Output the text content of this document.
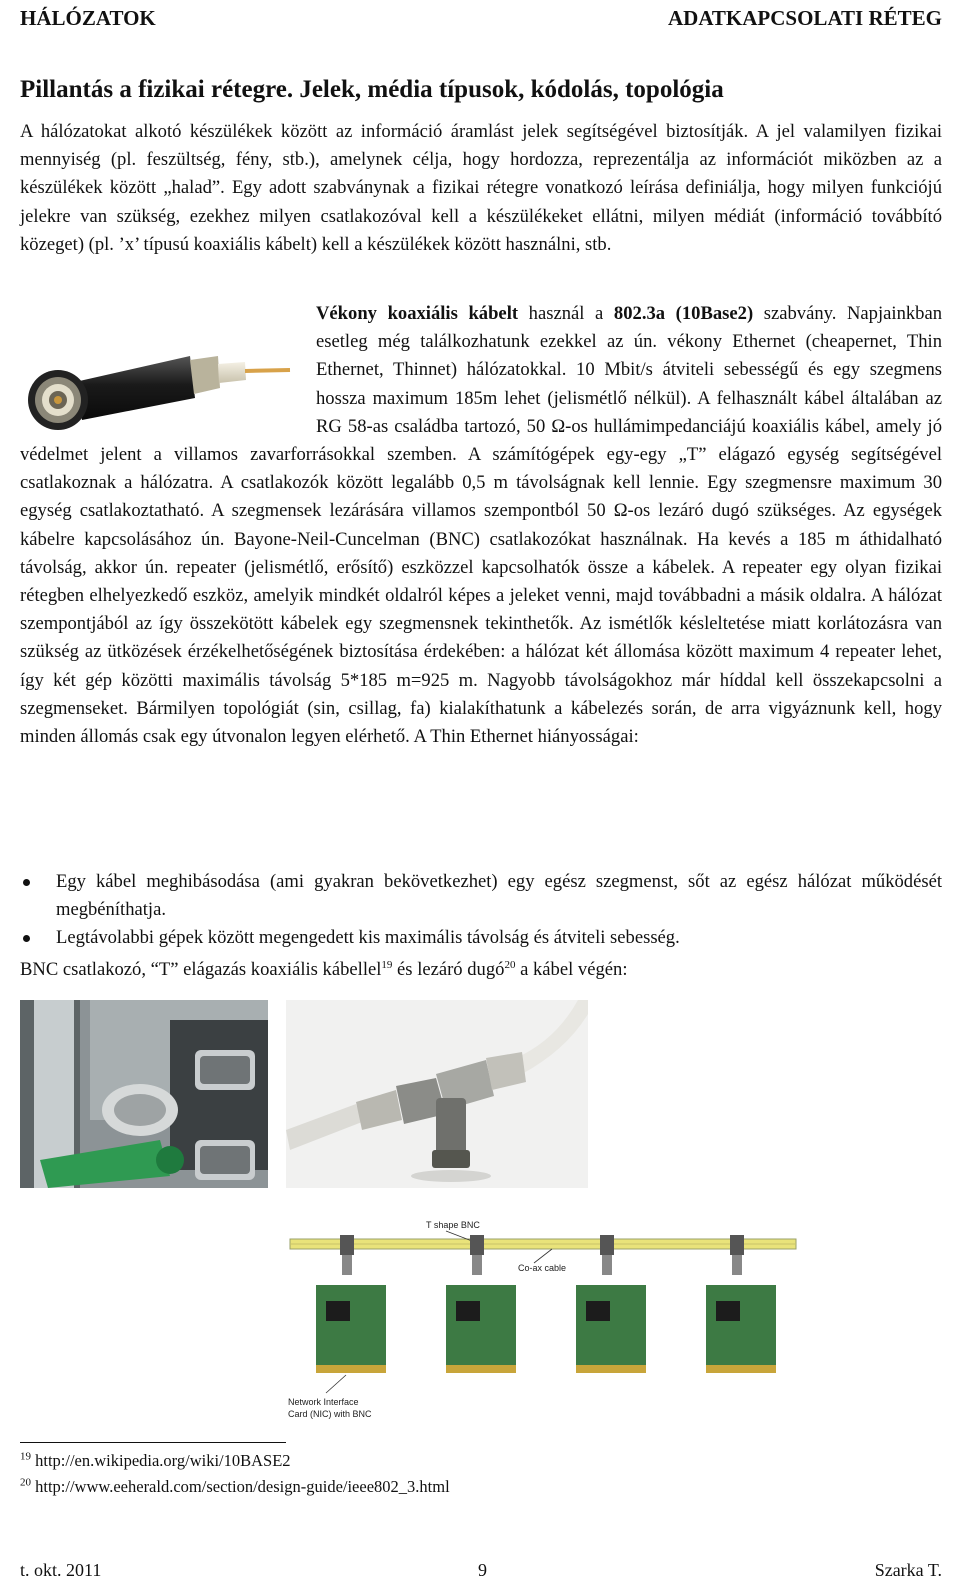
HÁLÓZATOK	ADATKAPCSOLATI RÉTEG
Pillantás a fizikai rétegre. Jelek, média típusok, kódolás, topológia

A hálózatokat alkotó készülékek között az információ áramlást jelek segítségével biztosítják. A jel valamilyen fizikai mennyiség (pl. feszültség, fény, stb.), amelynek célja, hogy hordozza, reprezentálja az információt miközben az a készülékek között „halad”. Egy adott szabványnak a fizikai rétegre vonatkozó leírása definiálja, hogy milyen funkciójú jelekre van szükség, ezekhez milyen csatlakozóval kell a készülékeket ellátni, milyen médiát (információ továbbító közeget) (pl. ’x’ típusú koaxiális kábelt) kell a készülékek között használni, stb.

Vékony koaxiális kábelt használ a 802.3a (10Base2) szabvány. Napjainkban esetleg még találkozhatunk ezekkel az ún. vékony Ethernet (cheapernet, Thin Ethernet, Thinnet) hálózatokkal. 10 Mbit/s átviteli sebességű és egy szegmens hossza maximum 185m lehet (jelismétlő nélkül). A felhasznált kábel általában az RG 58-as családba tartozó, 50 Ω-os hullámimpedanciájú koaxiális kábel, amely jó védelmet jelent a villamos zavarforrásokkal szemben. A számítógépek egy-egy „T” elágazó egység segítségével csatlakoznak a hálózatra. A csatlakozók között legalább 0,5 m távolságnak kell lennie. Egy szegmensre maximum 30 egység csatlakoztatható. A szegmensek lezárására villamos szempontból 50 Ω-os lezáró dugó szükséges. Az egységek kábelre kapcsolásához ún. Bayone-Neil-Cuncelman (BNC) csatlakozókat használnak. Ha kevés a 185 m áthidalható távolság, akkor ún. repeater (jelismétlő, erősítő) eszközzel kapcsolhatók össze a kábelek. A repeater egy olyan fizikai rétegben elhelyezkedő eszköz, amelyik mindkét oldalról képes a jeleket venni, majd továbbadni a másik oldalra. A hálózat szempontjából az így összekötött kábelek egy szegmensnek tekinthetők. Az ismétlők késleltetése miatt korlátozásra van szükség az ütközések érzékelhetőségének biztosítása érdekében: a hálózat két állomása között maximum 4 repeater lehet, így két gép közötti maximális távolság 5*185 m=925 m. Nagyobb távolságokhoz már híddal kell összekapcsolni a szegmenseket. Bármilyen topológiát (sin, csillag, fa) kialakíthatunk a kábelezés során, de arra vigyáznunk kell, hogy minden állomás csak egy útvonalon legyen elérhető. A Thin Ethernet hiányosságai:
Egy kábel meghibásodása (ami gyakran bekövetkezhet) egy egész szegmenst, sőt az egész hálózat működését megbéníthatja.
Legtávolabbi gépek között megengedett kis maximális távolság és átviteli sebesség.
BNC csatlakozó, “T” elágazás koaxiális kábellel$^{19}$ és lezáró dugó$^{20}$ a kábel végén:
T shape BNC
Co-ax cable
Network Interface
Card (NIC) with BNC
$^{19}$ http://en.wikipedia.org/wiki/10BASE2
$^{20}$ http://www.eeherald.com/section/design-guide/ieee802_3.html
t. okt. 2011	9	Szarka T.
